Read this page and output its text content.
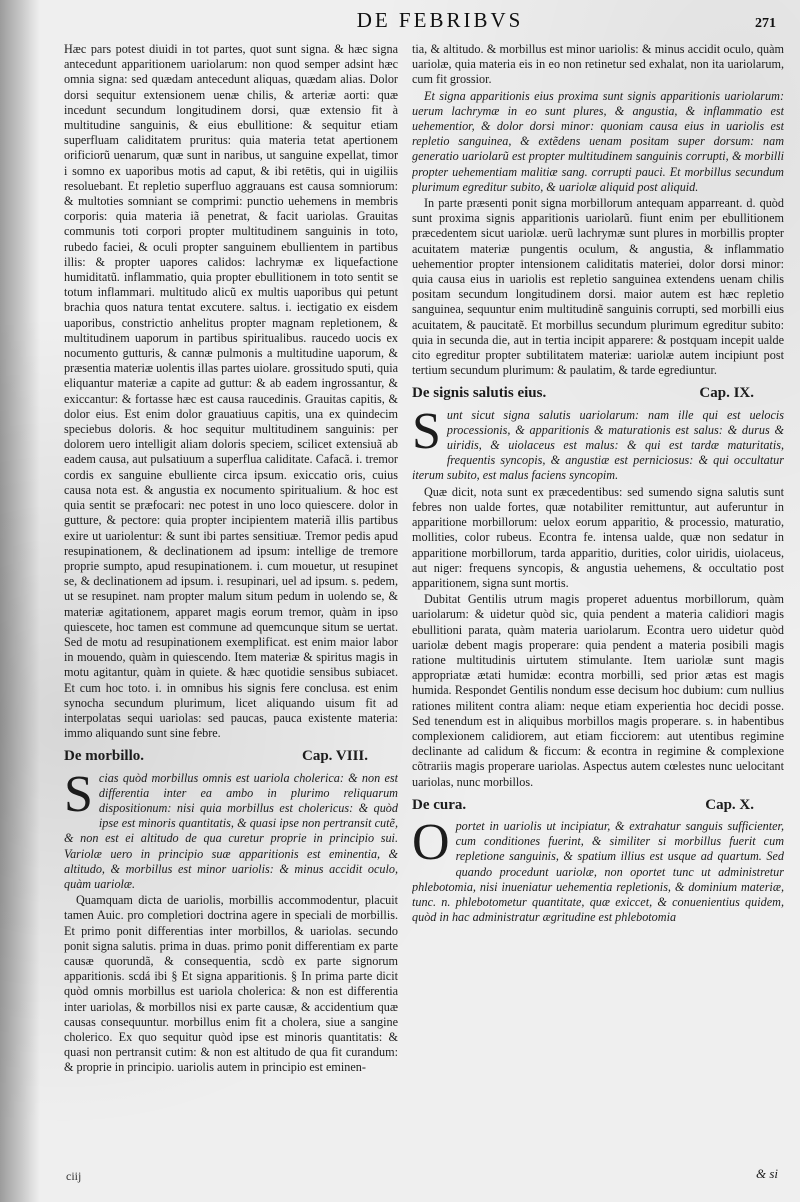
DE FEBRIBVS	271

Hæc pars potest diuidi in tot partes, quot sunt signa. & hæc signa antecedunt apparitionem uariolarum: non quod semper adsint hæc omnia signa: sed quædam antecedunt aliquas, quædam alias. Dolor dorsi sequitur extensionem uenæ chilis, & arteriæ aorti: quæ incedunt secundum longitudinem dorsi, quæ extensio fit à multitudine sanguinis, & eius ebullitione: & sequitur etiam superfluam caliditatem pruritus: quia materia tetat apertionem orificiorũ uenarum, quæ sunt in naribus, ut sanguine expellat, timor i somno ex uaporibus motis ad caput, & ibi retētis, qui in uigiliis resoluebant. Et repletio superfluo aggrauans est causa somniorum: & multoties somniant se comprimi: punctio uehemens in membris corporis: quia materia iã penetrat, & facit uariolas. Grauitas communis toti corpori propter multitudinem sanguinis in toto, rubedo faciei, & oculi propter sanguinem ebullientem in partibus illis: & propter uapores calidos: lachrymæ ex liquefactione humiditatũ. inflammatio, quia propter ebullitionem in toto sentit se totum inflammari. multitudo alicũ ex multis uaporibus qui petunt brachia quos natura tentat excutere. saltus. i. iectigatio ex eisdem uaporibus, constrictio anhelitus propter magnam repletionem, & multitudinem uaporum in partibus spiritualibus. raucedo uocis ex nocumento gutturis, & cannæ pulmonis a multitudine uaporum, & præsentia materiæ uolentis illas partes uiolare. grossitudo sputi, quia eliquantur materiæ a capite ad guttur: & ab eadem ingrossantur, & exiccantur: & fortasse hæc est causa raucedinis. Grauitas capitis, & dolor eius. Est enim dolor grauatiuus capitis, una ex quindecim speciebus doloris. & hoc sequitur multitudinem sanguinis: per dolorem uero intelligit aliam doloris speciem, scilicet extensiuã ab eadem causa, aut pulsatiuum a superflua caliditate. Cafacã. i. tremor cordis ex sanguine ebulliente circa ipsum. exiccatio oris, cuius causa nota est. & angustia ex nocumento spiritualium. & hoc est quia sentit se præfocari: nec potest in uno loco quiescere. dolor in gutture, & pectore: quia propter incipientem materiã illis partibus exire ut uariolentur: & sunt ibi partes sensitiuæ. Tremor pedis apud resupinationem, & declinationem ad ipsum: intellige de tremore proprie sumpto, apud resupinationem. i. cum mouetur, ut resupinet se, & declinationem ad ipsum. i. resupinari, uel ad ipsum. s. pedem, ut se resupinet. nam propter malum situm pedum in uolendo se, & materiæ agitationem, apparet magis eorum tremor, quàm in ipso quiescete, hoc tamen est commune ad quemcunque situm se uertat. Sed de motu ad resupinationem exemplificat. est enim maior labor in mouendo, quàm in quiescendo. Item materiæ & spiritus magis in motu agitantur, quàm in quiete. & hæc quotidie sensibus subiacet. Et cum hoc toto. i. in omnibus his signis fere conclusa. est enim synocha secundum plurimum, licet aliquando uisum fit ad interpolatas sequi uariolas: sed paucas, pauca existente materia: immo aliquando sunt sine febre.

De morbillo.	Cap. VIII.

Scias quòd morbillus omnis est uariola cholerica: & non est differentia inter ea ambo in plurimo reliquarum dispositionum: nisi quia morbillus est cholericus: & quòd ipse est minoris quantitatis, & quasi ipse non pertransit cutẽ, & non est ei altitudo de qua curetur proprie in principio sui. Variolæ uero in principio suæ apparitionis est eminentia, & altitudo, & morbillus est minor uariolis: & minus accidit oculo, quàm uariolæ.

Quamquam dicta de uariolis, morbillis accommodentur, placuit tamen Auic. pro completiori doctrina agere in speciali de morbillis. Et primo ponit differentias inter morbillos, & uariolas. secundo ponit signa salutis. prima in duas. primo ponit differentiam ex parte causæ quorundã, & consequentia, scdò ex parte signorum apparitionis. scdá ibi § Et signa apparitionis. § In prima parte dicit quòd omnis morbillus est uariola cholerica: & non est differentia inter uariolas, & morbillos nisi ex parte causæ, & accidentium quæ causas consequuntur. morbillus enim fit a cholera, siue a sangine cholerico. Ex quo sequitur quòd ipse est minoris quantitatis: & quasi non pertransit cutim: & non est altitudo de qua fit curandum: & proprie in principio. uariolis autem in principio est eminen-

tia, & altitudo. & morbillus est minor uariolis: & minus accidit oculo, quàm uariolæ, quia materia eis in eo non retinetur sed exhalat, non ita uariolarum, cum fit grossior.

Et signa apparitionis eius proxima sunt signis apparitionis uariolarum: uerum lachrymæ in eo sunt plures, & angustia, & inflammatio est uehementior, & dolor dorsi minor: quoniam causa eius in uariolis est repletio sanguinea, & extẽdens uenam positam super dorsum: nam generatio uariolarũ est propter multitudinem sanguinis corrupti, & morbilli propter uehementiam malitiæ sang. corrupti pauci. Et morbillus secundum plurimum egreditur subito, & uariolæ aliquid post aliquid.

In parte præsenti ponit signa morbillorum antequam apparreant. d. quòd sunt proxima signis apparitionis uariolarũ. fiunt enim per ebullitionem præcedentem sicut uariolæ. uerũ lachrymæ sunt plures in morbillis propter acuitatem materiæ pungentis oculum, & angustia, & inflammatio uehementior propter intensionem caliditatis materiei, dolor dorsi minor: quia causa eius in uariolis est repletio sanguinea extendens uenam chilis positam secundum longitudinem dorsi. maior autem est hæc repletio sanguinea, sequuntur enim multitudinẽ sanguinis corrupti, sed morbilli eius acuitatem, & paucitatẽ. Et morbillus secundum plurimum egreditur subito: quia in secunda die, aut in tertia incipit apparere: & postquam incepit ualde cito egreditur propter subtilitatem materiæ: uariolæ autem incipiunt post tertium secundum plurimum: & paulatim, & tarde egrediuntur.

De signis salutis eius.	Cap. IX.

Sunt sicut signa salutis uariolarum: nam ille qui est uelocis processionis, & apparitionis & maturationis est salus: & durus & uiridis, & uiolaceus est malus: & qui est tardæ maturitatis, frequentis syncopis, & angustiæ est perniciosus: & qui occultatur iterum subito, est malus faciens syncopim.

Quæ dicit, nota sunt ex præcedentibus: sed sumendo signa salutis sunt febres non ualde fortes, quæ notabiliter remittuntur, aut auferuntur in apparitione morbillorum: uelox eorum apparitio, & processio, maturatio, mollities, color rubeus. Econtra fe. intensa ualde, quæ non sedatur in apparitione morbillorum, tarda apparitio, durities, color uiridis, uiolaceus, aut niger: frequens syncopis, & angustia uehemens, & occultatio post apparitionem, signa sunt mortis.

Dubitat Gentilis utrum magis properet aduentus morbillorum, quàm uariolarum: & uidetur quòd sic, quia pendent a materia calidiori magis ebullitioni parata, quàm materia uariolarum. Econtra uero uidetur quòd uariolæ debent magis properare: quia pendent a materia posibili magis ratione multitudinis uirtutem stimulante. Item uariolæ sunt magis appropriatæ ætati humidæ: econtra morbilli, sed prior ætas est magis humida. Respondet Gentilis nondum esse decisum hoc dubium: cum nullius rationes militent contra aliam: neque etiam experientia hoc decidi posse. Sed tenendum est in aliquibus morbillos magis properare. s. in habentibus complexionem calidiorem, aut etiam ficciorem: aut utentibus regimine declinante ad calidum & ficcum: & econtra in regimine & complexione cõtrariis magis properare uariolas. Aspectus autem cœlestes nunc uelocitant uariolas, nunc morbillos.

De cura.	Cap. X.

Oportet in uariolis ut incipiatur, & extrahatur sanguis sufficienter, cum conditiones fuerint, & similiter si morbillus fuerit cum repletione sanguinis, & spatium illius est usque ad quartum. Sed quando procedunt uariolæ, non oportet tunc ut administretur phlebotomia, nisi inueniatur uehementia repletionis, & dominium materiæ, tunc. n. phlebotometur quantitate, quæ exiccet, & conuenientius quidem, quòd in hac administratur ægritudine est phlebotomia

ciij	& si
